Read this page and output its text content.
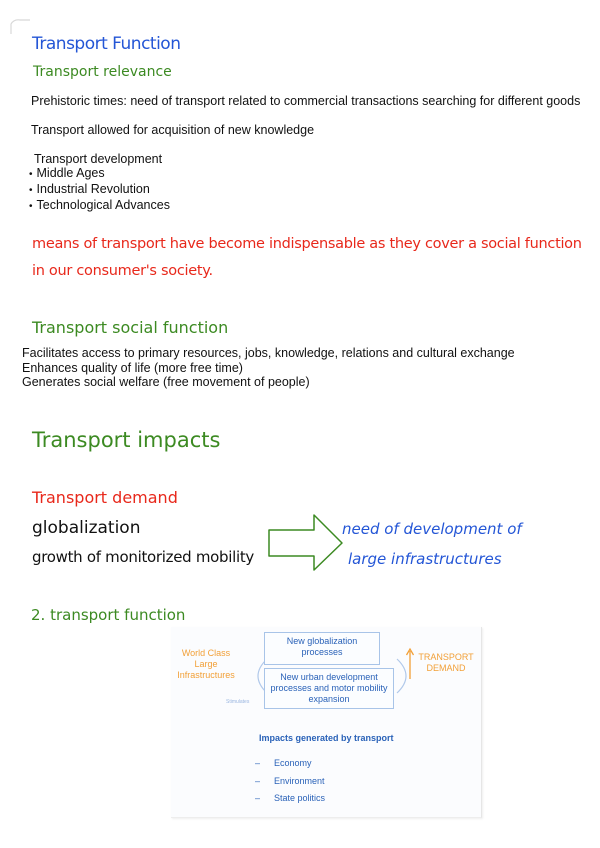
Transport Function
Transport relevance
Prehistoric times: need of transport related to commercial transactions searching for different goods
Transport allowed for acquisition of new knowledge
Transport development
• Middle Ages
• Industrial Revolution
• Technological Advances
means of transport have become indispensable as they cover a social function
in our consumer's society.
Transport social function
Facilitates access to primary resources, jobs, knowledge, relations and cultural exchange
Enhances quality of life (more free time)
Generates social welfare (free movement of people)
Transport impacts
Transport demand
globalization
growth of monitorized mobility
need of development of
large infrastructures
2. transport function
New globalization processes
New urban development processes and motor mobility expansion
World Class Large Infrastructures
TRANSPORT DEMAND
Stimulates
Impacts generated by transport
– Economy
– Environment
– State politics
